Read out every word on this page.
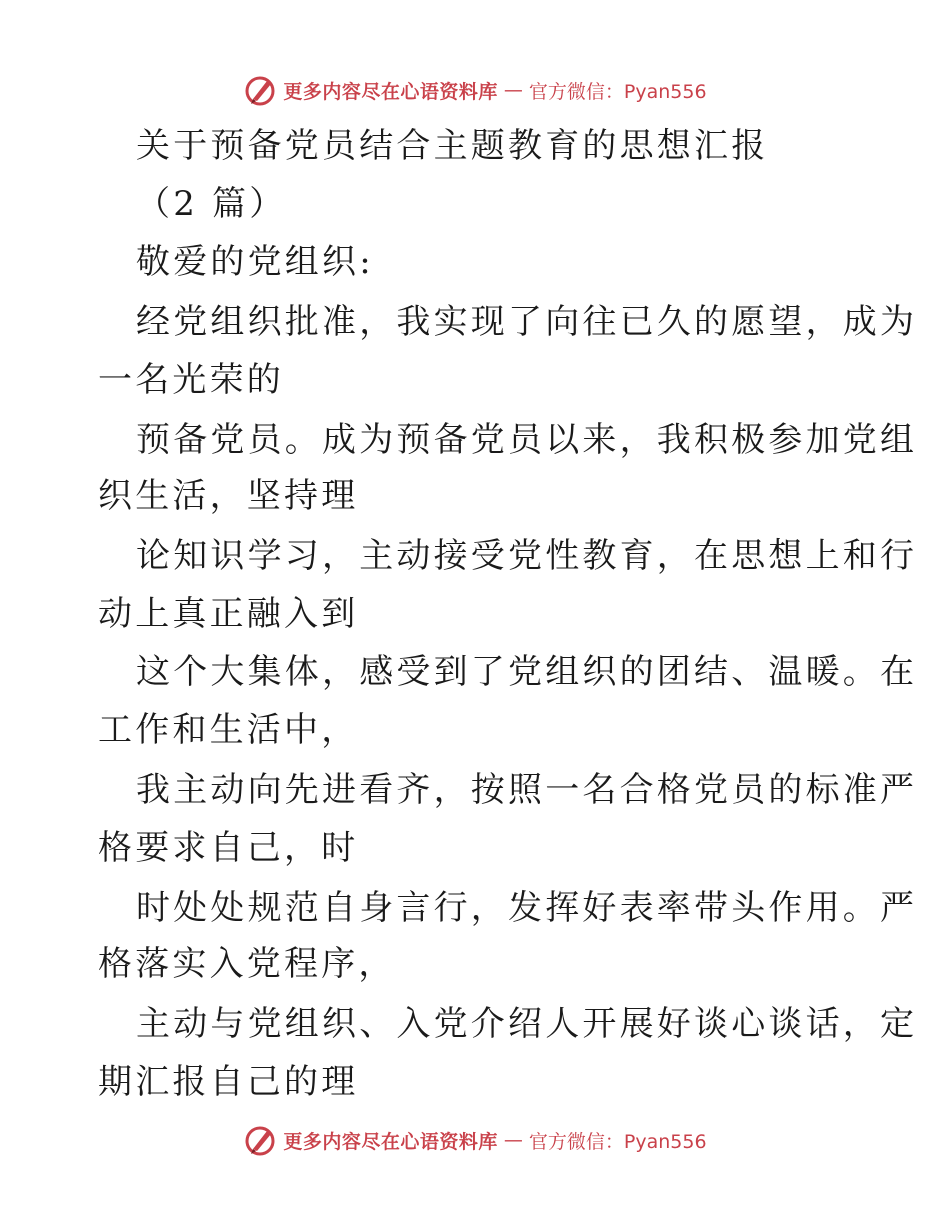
更多内容尽在心语资料库 — 官方微信：Pyan556
关于预备党员结合主题教育的思想汇报
（2 篇）
敬爱的党组织:
经党组织批准，我实现了向往已久的愿望，成为
一名光荣的
预备党员。成为预备党员以来，我积极参加党组
织生活，坚持理
论知识学习，主动接受党性教育，在思想上和行
动上真正融入到
这个大集体，感受到了党组织的团结、温暖。在
工作和生活中，
我主动向先进看齐，按照一名合格党员的标准严
格要求自己，时
时处处规范自身言行，发挥好表率带头作用。严
格落实入党程序，
主动与党组织、入党介绍人开展好谈心谈话，定
期汇报自己的理
更多内容尽在心语资料库 — 官方微信：Pyan556
